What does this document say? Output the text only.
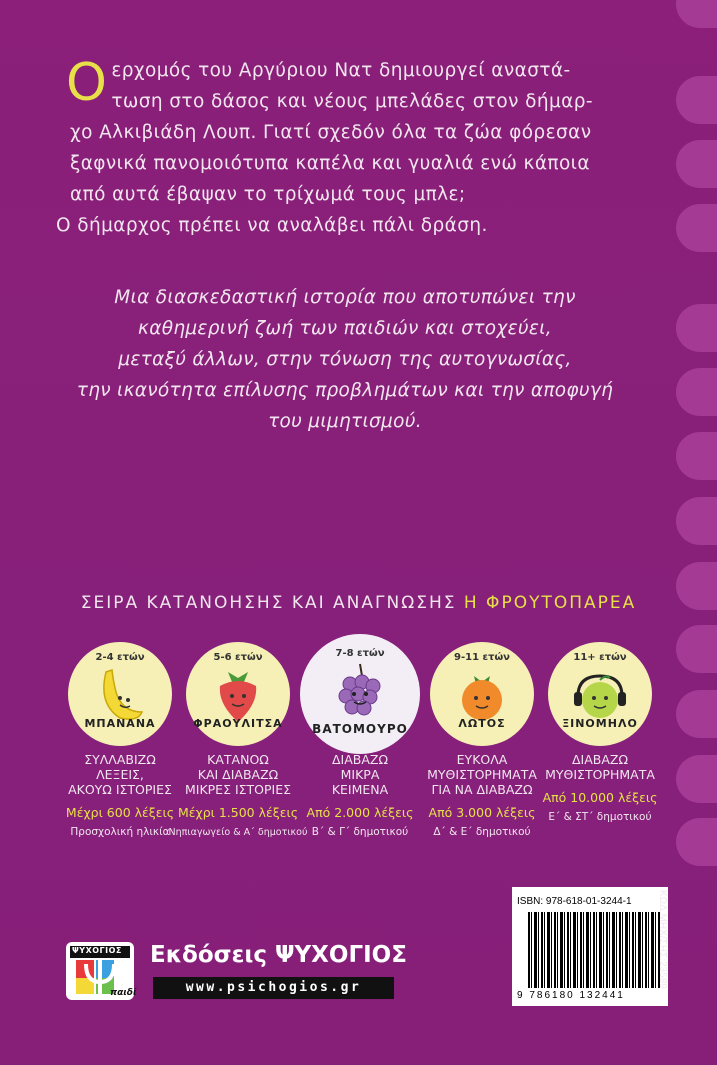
Ο ερχομός του Αργύριου Νατ δημιουργεί αναστά-
τωση στο δάσος και νέους μπελάδες στον δήμαρ-
χο Αλκιβιάδη Λουπ. Γιατί σχεδόν όλα τα ζώα φόρεσαν
ξαφνικά πανομοιότυπα καπέλα και γυαλιά ενώ κάποια
από αυτά έβαψαν το τρίχωμά τους μπλε;
Ο δήμαρχος πρέπει να αναλάβει πάλι δράση.
Μια διασκεδαστική ιστορία που αποτυπώνει την
καθημερινή ζωή των παιδιών και στοχεύει,
μεταξύ άλλων, στην τόνωση της αυτογνωσίας,
την ικανότητα επίλυσης προβλημάτων και την αποφυγή
του μιμητισμού.
ΣΕΙΡΑ ΚΑΤΑΝΟΗΣΗΣ ΚΑΙ ΑΝΑΓΝΩΣΗΣ Η ΦΡΟΥΤΟΠΑΡΕΑ
2-4 ετών
ΜΠΑΝΑΝΑ
5-6 ετών
ΦΡΑΟΥΛΙΤΣΑ
7-8 ετών
ΒΑΤΟΜΟΥΡΟ
9-11 ετών
ΛΩΤΟΣ
11+ ετών
ΞΙΝΟΜΗΛΟ
ΣΥΛΛΑΒΙΖΩ
ΛΕΞΕΙΣ,
ΑΚΟΥΩ ΙΣΤΟΡΙΕΣ
Μέχρι 600 λέξεις
Προσχολική ηλικία
ΚΑΤΑΝΟΩ
ΚΑΙ ΔΙΑΒΑΖΩ
ΜΙΚΡΕΣ ΙΣΤΟΡΙΕΣ
Μέχρι 1.500 λέξεις
Νηπιαγωγείο & Α΄ δημοτικού
ΔΙΑΒΑΖΩ
ΜΙΚΡΑ
ΚΕΙΜΕΝΑ
Από 2.000 λέξεις
Β΄ & Γ΄ δημοτικού
ΕΥΚΟΛΑ
ΜΥΘΙΣΤΟΡΗΜΑΤΑ
ΓΙΑ ΝΑ ΔΙΑΒΑΖΩ
Από 3.000 λέξεις
Δ΄ & Ε΄ δημοτικού
ΔΙΑΒΑΖΩ
ΜΥΘΙΣΤΟΡΗΜΑΤΑ
Από 10.000 λέξεις
Ε΄ & ΣΤ΄ δημοτικού
ISBN: 978-618-01-3244-1
9 786180 132441
ΚΩΔ.ΜΗΧ/ΣΗΣ:23589
ΨΥΧΟΓΙΟΣ
παιδί
Εκδόσεις ΨΥΧΟΓΙΟΣ
www.psichogios.gr
